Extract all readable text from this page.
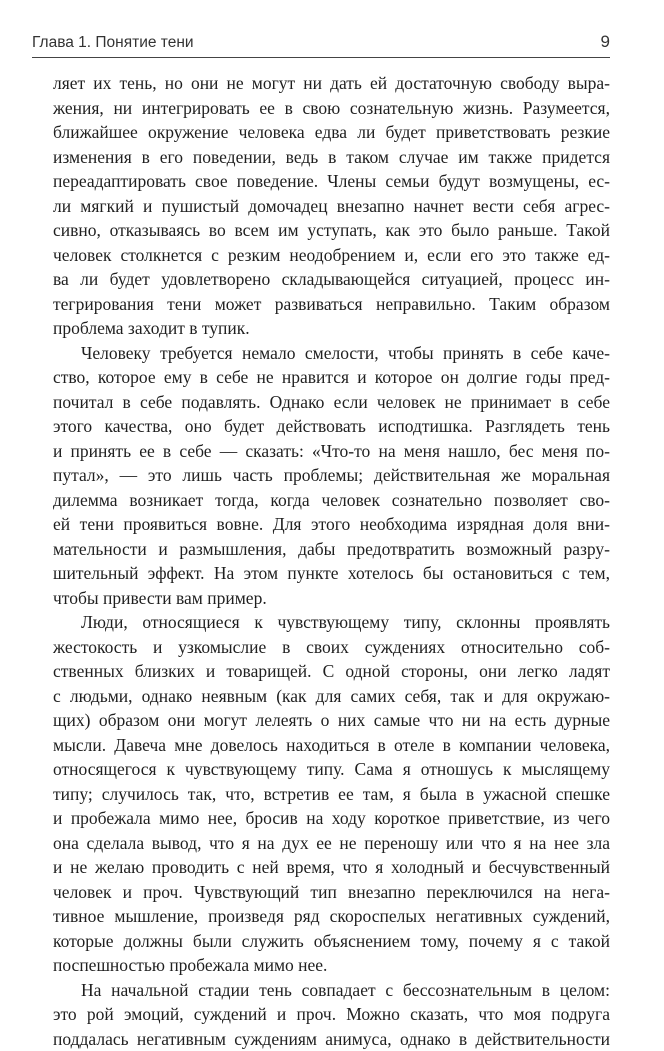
Глава 1. Понятие тени	9
ляет их тень, но они не могут ни дать ей достаточную свободу выра-
жения, ни интегрировать ее в свою сознательную жизнь. Разумеется,
ближайшее окружение человека едва ли будет приветствовать резкие
изменения в его поведении, ведь в таком случае им также придется
переадаптировать свое поведение. Члены семьи будут возмущены, ес-
ли мягкий и пушистый домочадец внезапно начнет вести себя агрес-
сивно, отказываясь во всем им уступать, как это было раньше. Такой
человек столкнется с резким неодобрением и, если его это также ед-
ва ли будет удовлетворено складывающейся ситуацией, процесс ин-
тегрирования тени может развиваться неправильно. Таким образом
проблема заходит в тупик.
Человеку требуется немало смелости, чтобы принять в себе каче-
ство, которое ему в себе не нравится и которое он долгие годы пред-
почитал в себе подавлять. Однако если человек не принимает в себе
этого качества, оно будет действовать исподтишка. Разглядеть тень
и принять ее в себе — сказать: «Что-то на меня нашло, бес меня по-
путал», — это лишь часть проблемы; действительная же моральная
дилемма возникает тогда, когда человек сознательно позволяет сво-
ей тени проявиться вовне. Для этого необходима изрядная доля вни-
мательности и размышления, дабы предотвратить возможный разру-
шительный эффект. На этом пункте хотелось бы остановиться с тем,
чтобы привести вам пример.
Люди, относящиеся к чувствующему типу, склонны проявлять
жестокость и узкомыслие в своих суждениях относительно соб-
ственных близких и товарищей. С одной стороны, они легко ладят
с людьми, однако неявным (как для самих себя, так и для окружаю-
щих) образом они могут лелеять о них самые что ни на есть дурные
мысли. Давеча мне довелось находиться в отеле в компании человека,
относящегося к чувствующему типу. Сама я отношусь к мыслящему
типу; случилось так, что, встретив ее там, я была в ужасной спешке
и пробежала мимо нее, бросив на ходу короткое приветствие, из чего
она сделала вывод, что я на дух ее не переношу или что я на нее зла
и не желаю проводить с ней время, что я холодный и бесчувственный
человек и проч. Чувствующий тип внезапно переключился на нега-
тивное мышление, произведя ряд скороспелых негативных суждений,
которые должны были служить объяснением тому, почему я с такой
поспешностью пробежала мимо нее.
На начальной стадии тень совпадает с бессознательным в целом:
это рой эмоций, суждений и проч. Можно сказать, что моя подруга
поддалась негативным суждениям анимуса, однако в действительности
